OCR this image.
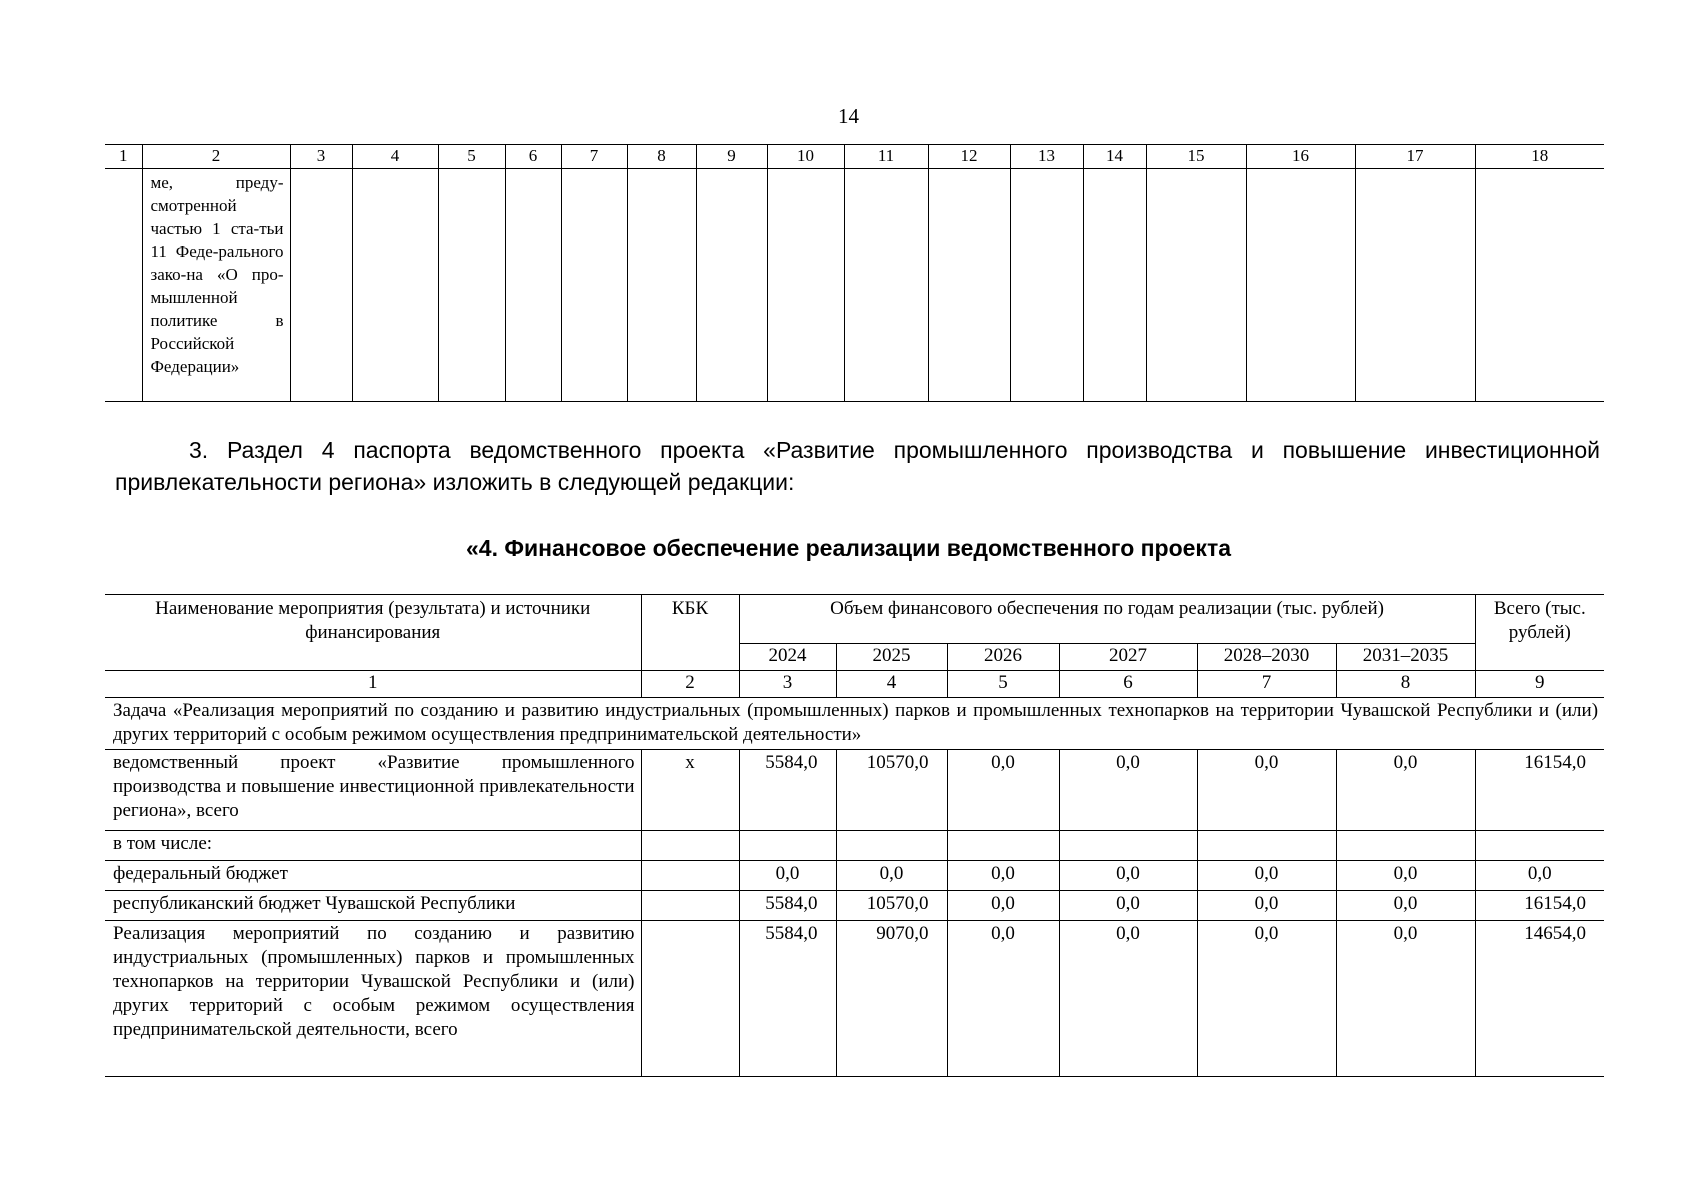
14
1	2	3	4	5	6	7	8	9	10	11	12	13	14	15	16	17	18

	ме, преду-смотренной частью 1 ста-тьи 11 Феде-рального зако-на «О про-мышленной политике в Российской Федерации»																

3. Раздел 4 паспорта ведомственного проекта «Развитие промышленного производства и повышение инвестиционной привлекательности региона» изложить в следующей редакции:
«4. Финансовое обеспечение реализации ведомственного проекта
Наименование мероприятия (результата) и источники финансирования	КБК	Объем финансового обеспечения по годам реализации (тыс. рублей)						Всего (тыс. рублей)
		2024	2025	2026	2027	2028–2030	2031–2035	
1	2	3	4	5	6	7	8	9
Задача «Реализация мероприятий по созданию и развитию индустриальных (промышленных) парков и промышленных технопарков на территории Чувашской Республики и (или) других территорий с особым режимом осуществления предпринимательской деятельности»								
ведомственный проект «Развитие промышленного производства и повышение инвестиционной привлекательности региона», всего	х	5584,0	10570,0	0,0	0,0	0,0	0,0	16154,0
в том числе:								
федеральный бюджет		0,0	0,0	0,0	0,0	0,0	0,0	0,0
республиканский бюджет Чувашской Республики		5584,0	10570,0	0,0	0,0	0,0	0,0	16154,0
Реализация мероприятий по созданию и развитию индустриальных (промышленных) парков и промышленных технопарков на территории Чувашской Республики и (или) других территорий с особым режимом осуществления предпринимательской деятельности, всего		5584,0	9070,0	0,0	0,0	0,0	0,0	14654,0
